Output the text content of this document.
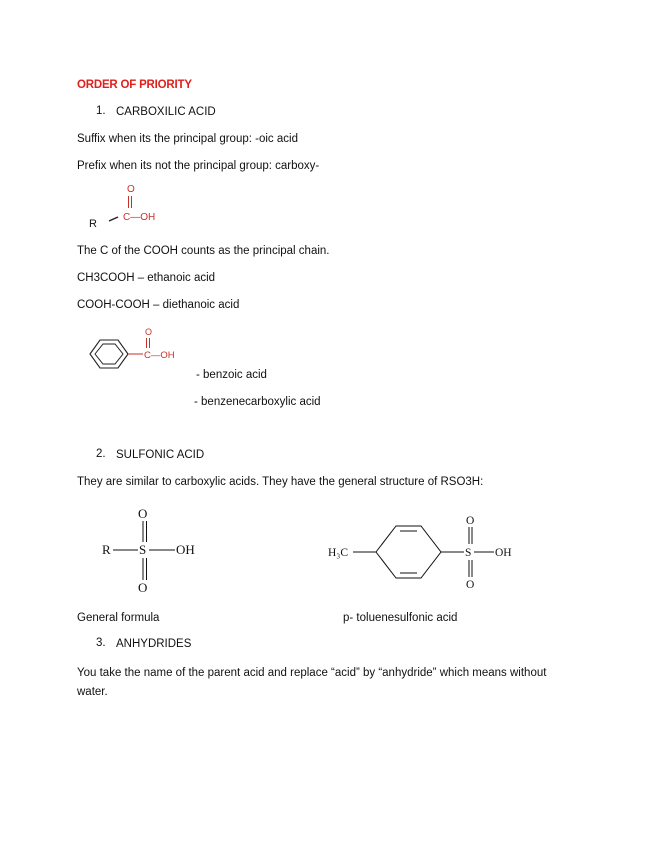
ORDER OF PRIORITY
1. CARBOXILIC ACID
Suffix when its the principal group: -oic acid
Prefix when its not the principal group: carboxy-
O
C—OH
R
The C of the COOH counts as the principal chain.
CH3COOH – ethanoic acid
COOH-COOH – diethanoic acid
O
C—OH
- benzoic acid
- benzenecarboxylic acid
2. SULFONIC ACID
They are similar to carboxylic acids. They have the general structure of RSO3H:
O
R S OH
O
H₃C	S OH
O
O
General formula	p- toluenesulfonic acid
3. ANHYDRIDES
You take the name of the parent acid and replace “acid” by “anhydride” which means without water.
